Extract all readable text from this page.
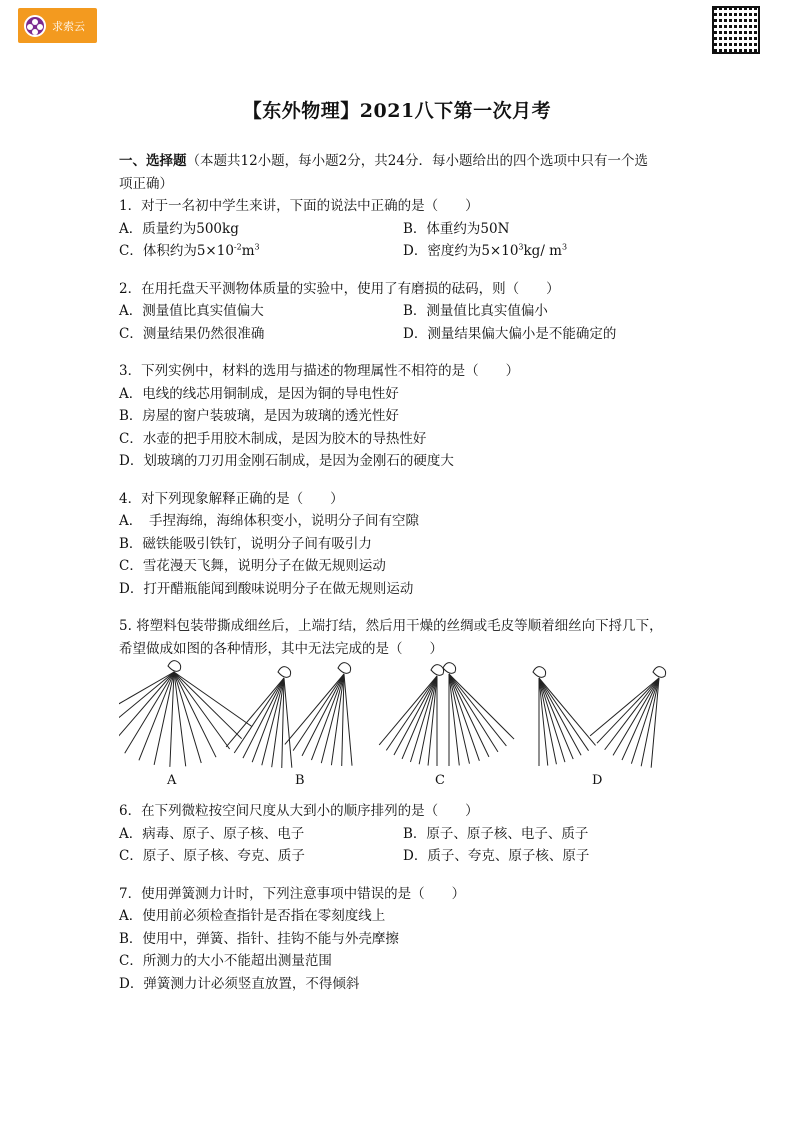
求索云
【东外物理】2021八下第一次月考
一、选择题（本题共12小题，每小题2分，共24分．每小题给出的四个选项中只有一个选
项正确）
1．对于一名初中学生来讲，下面的说法中正确的是（　　）
A．质量约为500kg	B．体重约为50N
C．体积约为$5\times 10^{-2}m^3$	D．密度约为$5\times 10^3kg/$ $m^3$
2．在用托盘天平测物体质量的实验中，使用了有磨损的砝码，则（　　）
A．测量值比真实值偏大	B．测量值比真实值偏小
C．测量结果仍然很准确	D．测量结果偏大偏小是不能确定的
3．下列实例中，材料的选用与描述的物理属性不相符的是（　　）
A．电线的线芯用铜制成，是因为铜的导电性好
B．房屋的窗户装玻璃，是因为玻璃的透光性好
C．水壶的把手用胶木制成，是因为胶木的导热性好
D．划玻璃的刀刃用金刚石制成，是因为金刚石的硬度大
4．对下列现象解释正确的是（　　）
A．　手捏海绵，海绵体积变小，说明分子间有空隙
B．磁铁能吸引铁钉，说明分子间有吸引力
C．雪花漫天飞舞，说明分子在做无规则运动
D．打开醋瓶能闻到酸味说明分子在做无规则运动
5. 将塑料包装带撕成细丝后，上端打结，然后用干燥的丝绸或毛皮等顺着细丝向下捋几下，
希望做成如图的各种情形，其中无法完成的是（　　）
A	B	C	D
6．在下列微粒按空间尺度从大到小的顺序排列的是（　　）
A．病毒、原子、原子核、电子	B．原子、原子核、电子、质子
C．原子、原子核、夸克、质子	D．质子、夸克、原子核、原子
7．使用弹簧测力计时，下列注意事项中错误的是（　　）
A．使用前必须检查指针是否指在零刻度线上
B．使用中，弹簧、指针、挂钩不能与外壳摩擦
C．所测力的大小不能超出测量范围
D．弹簧测力计必须竖直放置，不得倾斜
